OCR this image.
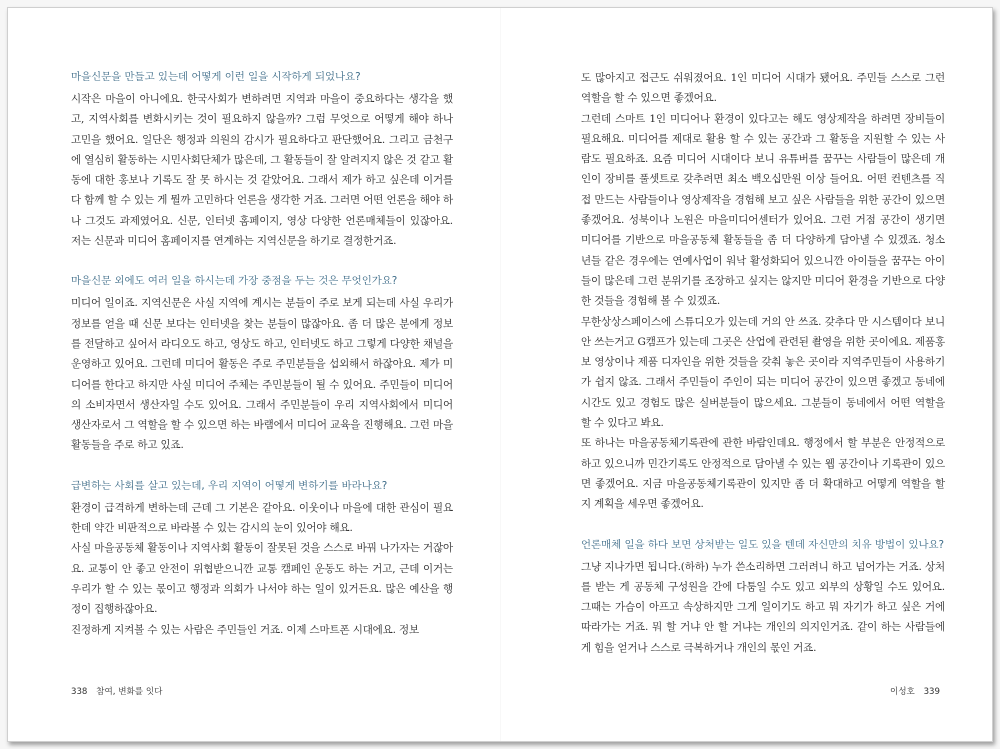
마을신문을 만들고 있는데 어떻게 이런 일을 시작하게 되었나요?

시작은 마을이 아니에요. 한국사회가 변하려면 지역과 마을이 중요하다는 생각을 했고, 지역사회를 변화시키는 것이 필요하지 않을까? 그럼 무엇으로 어떻게 해야 하나 고민을 했어요. 일단은 행정과 의원의 감시가 필요하다고 판단했어요. 그리고 금천구에 열심히 활동하는 시민사회단체가 많은데, 그 활동들이 잘 알려지지 않은 것 같고 활동에 대한 홍보나 기록도 잘 못 하시는 것 같았어요. 그래서 제가 하고 싶은데 이거를 다 함께 할 수 있는 게 뭘까 고민하다 언론을 생각한 거죠. 그러면 어떤 언론을 해야 하나 그것도 과제였어요. 신문, 인터넷 홈페이지, 영상 다양한 언론매체들이 있잖아요. 저는 신문과 미디어 홈페이지를 연계하는 지역신문을 하기로 결정한거죠.

마을신문 외에도 여러 일을 하시는데 가장 중점을 두는 것은 무엇인가요?

미디어 일이죠. 지역신문은 사실 지역에 계시는 분들이 주로 보게 되는데 사실 우리가 정보를 얻을 때 신문 보다는 인터넷을 찾는 분들이 많잖아요. 좀 더 많은 분에게 정보를 전달하고 싶어서 라디오도 하고, 영상도 하고, 인터넷도 하고 그렇게 다양한 채널을 운영하고 있어요. 그런데 미디어 활동은 주로 주민분들을 섭외해서 하잖아요. 제가 미디어를 한다고 하지만 사실 미디어 주체는 주민분들이 될 수 있어요. 주민들이 미디어의 소비자면서 생산자일 수도 있어요. 그래서 주민분들이 우리 지역사회에서 미디어 생산자로서 그 역할을 할 수 있으면 하는 바램에서 미디어 교육을 진행해요. 그런 마을활동들을 주로 하고 있죠.

급변하는 사회를 살고 있는데, 우리 지역이 어떻게 변하기를 바라나요?

환경이 급격하게 변하는데 근데 그 기본은 같아요. 이웃이나 마을에 대한 관심이 필요한데 약간 비판적으로 바라볼 수 있는 감시의 눈이 있어야 해요.

사실 마을공동체 활동이나 지역사회 활동이 잘못된 것을 스스로 바꿔 나가자는 거잖아요. 교통이 안 좋고 안전이 위협받으니깐 교통 캠페인 운동도 하는 거고, 근데 이거는 우리가 할 수 있는 몫이고 행정과 의회가 나서야 하는 일이 있거든요. 많은 예산을 행정이 집행하잖아요.

진정하게 지켜볼 수 있는 사람은 주민들인 거죠. 이제 스마트폰 시대에요. 정보

도 많아지고 접근도 쉬워졌어요. 1인 미디어 시대가 됐어요. 주민들 스스로 그런 역할을 할 수 있으면 좋겠어요.

그런데 스마트 1인 미디어나 환경이 있다고는 해도 영상제작을 하려면 장비들이 필요해요. 미디어를 제대로 활용 할 수 있는 공간과 그 활동을 지원할 수 있는 사람도 필요하죠. 요즘 미디어 시대이다 보니 유튜버를 꿈꾸는 사람들이 많은데 개인이 장비를 풀셋트로 갖추려면 최소 백오십만원 이상 들어요. 어떤 컨텐츠를 직접 만드는 사람들이나 영상제작을 경험해 보고 싶은 사람들을 위한 공간이 있으면 좋겠어요. 성북이나 노원은 마을미디어센터가 있어요. 그런 거점 공간이 생기면 미디어를 기반으로 마을공동체 활동들을 좀 더 다양하게 담아낼 수 있겠죠. 청소년들 같은 경우에는 연예사업이 워낙 활성화되어 있으니깐 아이들을 꿈꾸는 아이들이 많은데 그런 분위기를 조장하고 싶지는 않지만 미디어 환경을 기반으로 다양한 것들을 경험해 볼 수 있겠죠.

무한상상스페이스에 스튜디오가 있는데 거의 안 쓰죠. 갖추다 만 시스템이다 보니 안 쓰는거고 G캠프가 있는데 그곳은 산업에 관련된 촬영을 위한 곳이에요. 제품홍보 영상이나 제품 디자인을 위한 것들을 갖춰 놓은 곳이라 지역주민들이 사용하기가 쉽지 않죠. 그래서 주민들이 주인이 되는 미디어 공간이 있으면 좋겠고 동네에 시간도 있고 경험도 많은 실버분들이 많으세요. 그분들이 동네에서 어떤 역할을 할 수 있다고 봐요.

또 하나는 마을공동체기록관에 관한 바람인데요. 행정에서 할 부분은 안정적으로 하고 있으니까 민간기록도 안정적으로 담아낼 수 있는 웹 공간이나 기록관이 있으면 좋겠어요. 지금 마을공동체기록관이 있지만 좀 더 확대하고 어떻게 역할을 할지 계획을 세우면 좋겠어요.

언론매체 일을 하다 보면 상처받는 일도 있을 텐데 자신만의 치유 방법이 있나요?

그냥 지나가면 됩니다.(하하) 누가 쓴소리하면 그러려니 하고 넘어가는 거죠. 상처를 받는 게 공동체 구성원을 간에 다툼일 수도 있고 외부의 상황일 수도 있어요. 그때는 가슴이 아프고 속상하지만 그게 일이기도 하고 뭐 자기가 하고 싶은 거에 따라가는 거죠. 뭐 할 거냐 안 할 거냐는 개인의 의지인거죠. 같이 하는 사람들에게 힘을 얻거나 스스로 극복하거나 개인의 몫인 거죠.

338 참여, 변화를 잇다	이성호 339
